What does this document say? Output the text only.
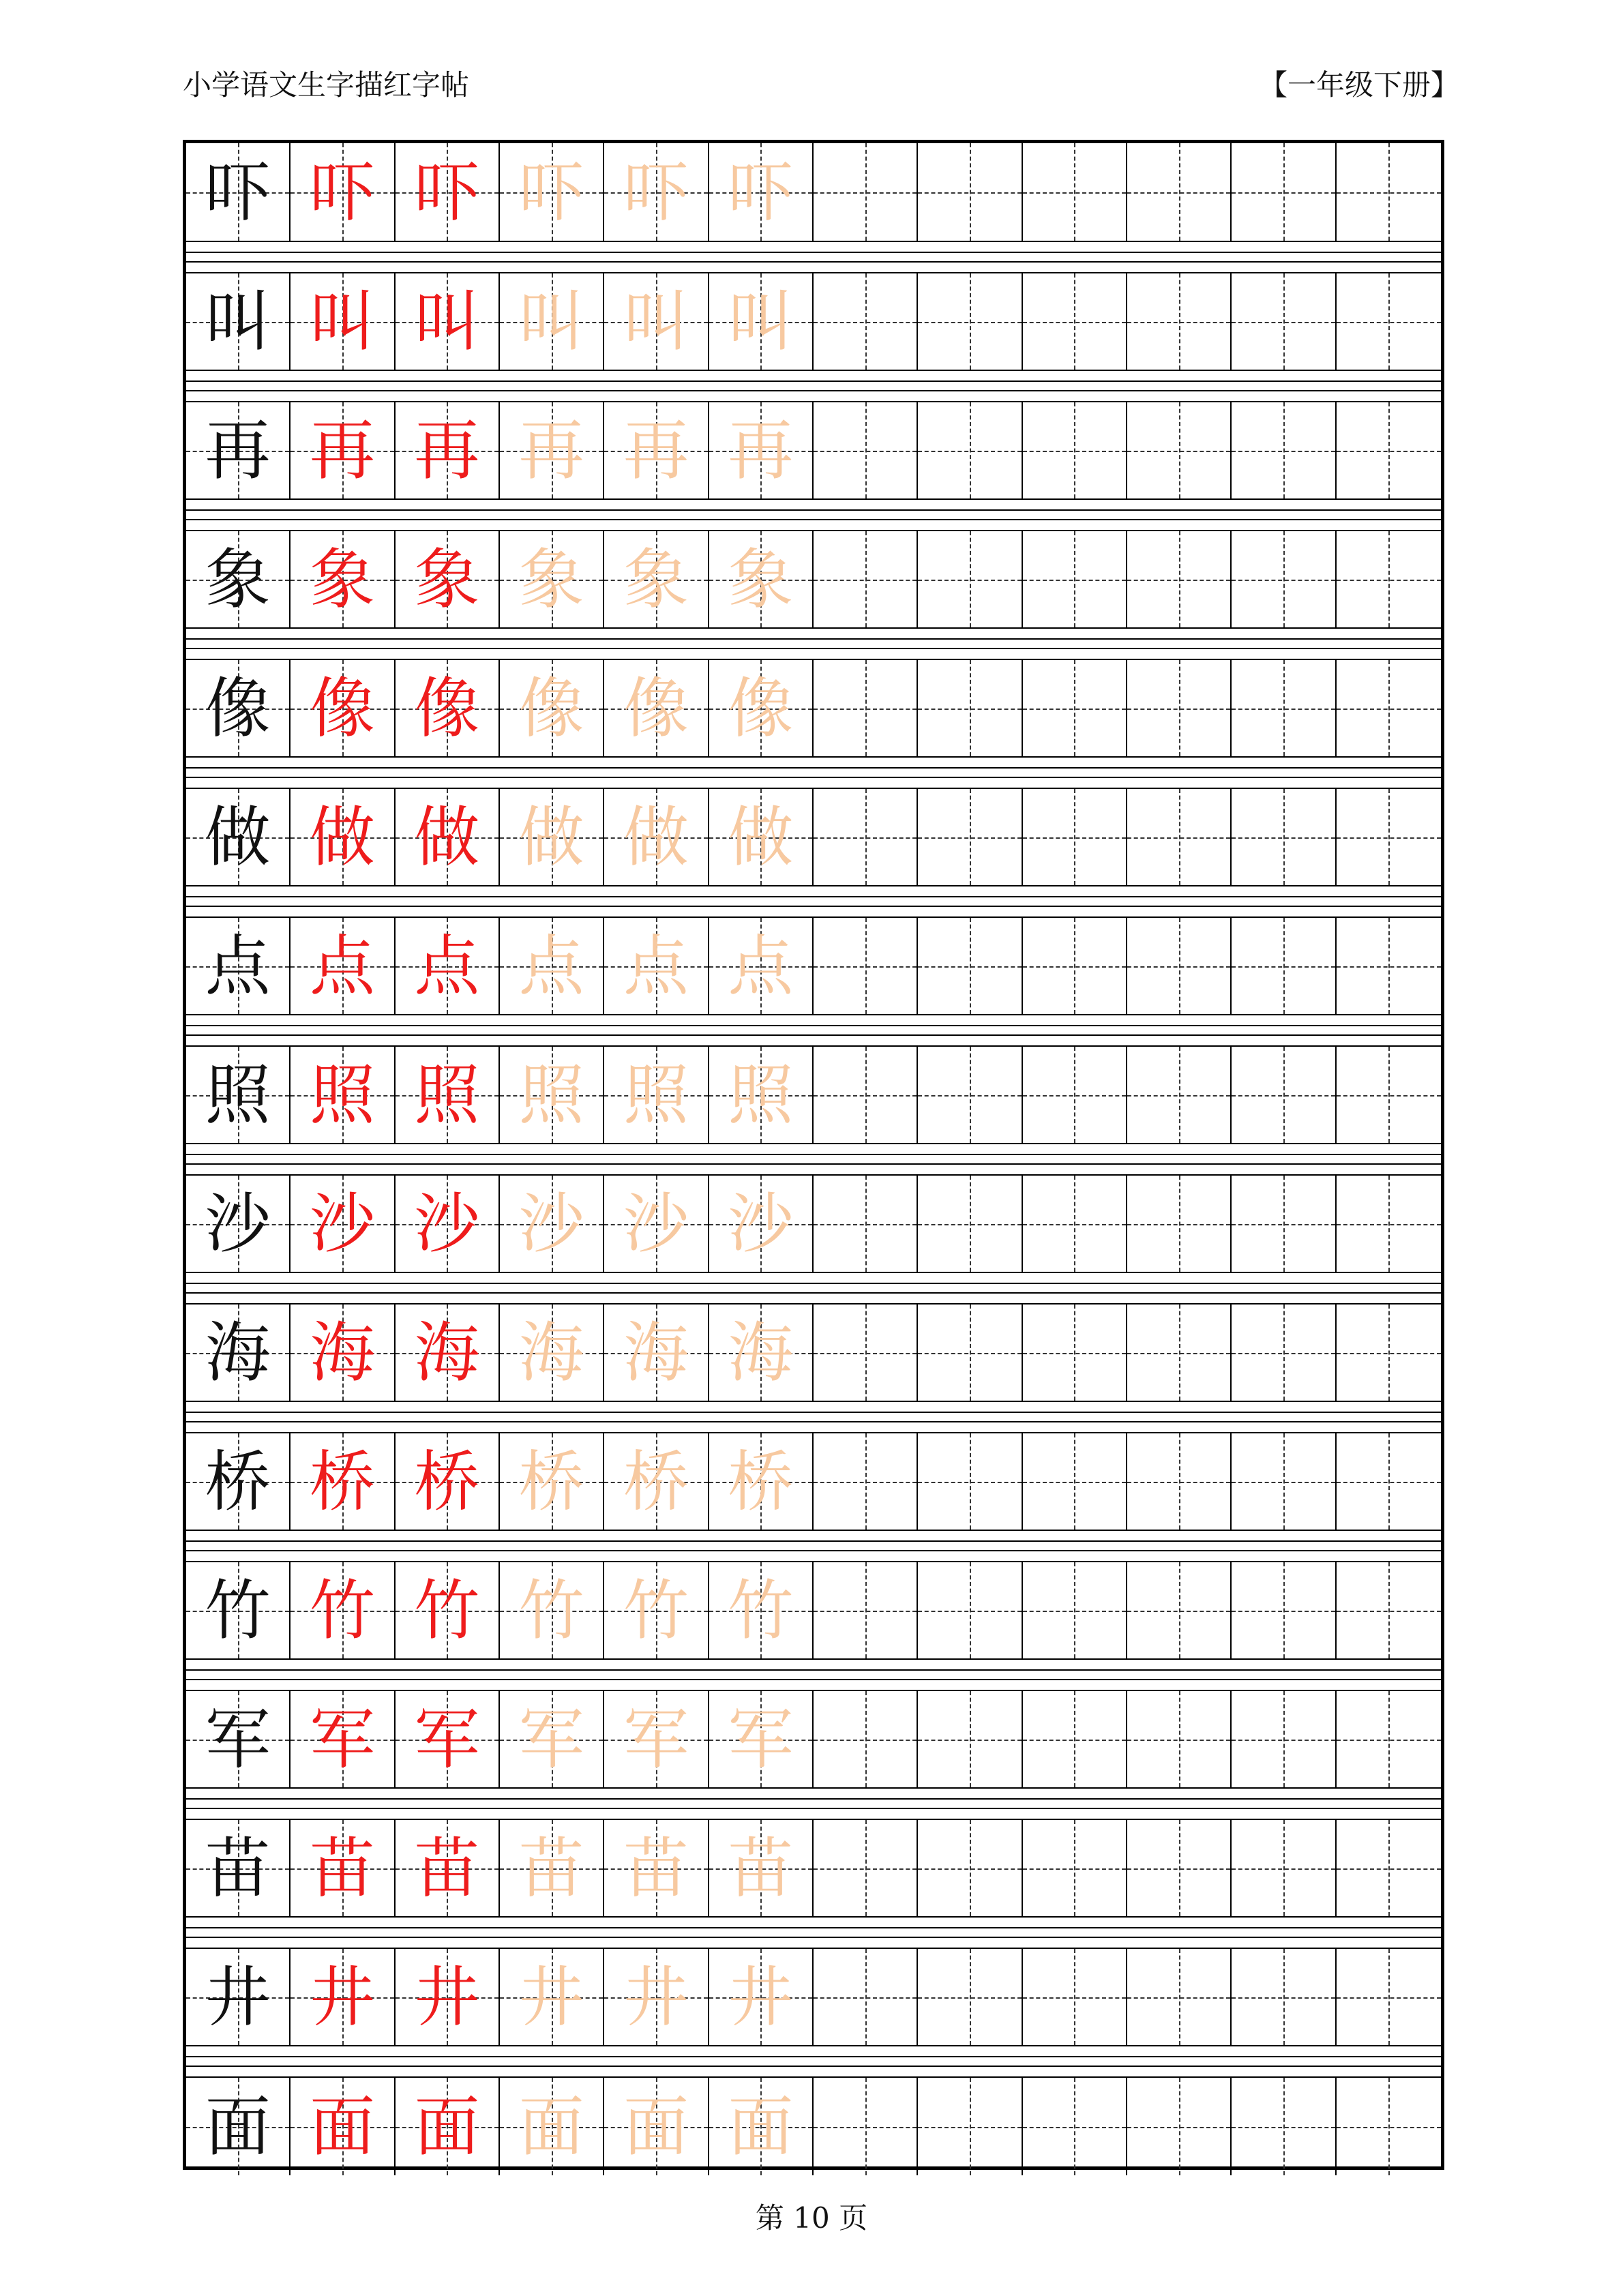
小学语文生字描红字帖	【一年级下册】
吓 吓 吓 吓 吓 吓
叫 叫 叫 叫 叫 叫
再 再 再 再 再 再
象 象 象 象 象 象
像 像 像 像 像 像
做 做 做 做 做 做
点 点 点 点 点 点
照 照 照 照 照 照
沙 沙 沙 沙 沙 沙
海 海 海 海 海 海
桥 桥 桥 桥 桥 桥
竹 竹 竹 竹 竹 竹
军 军 军 军 军 军
苗 苗 苗 苗 苗 苗
井 井 井 井 井 井
面 面 面 面 面 面
第 10 页
